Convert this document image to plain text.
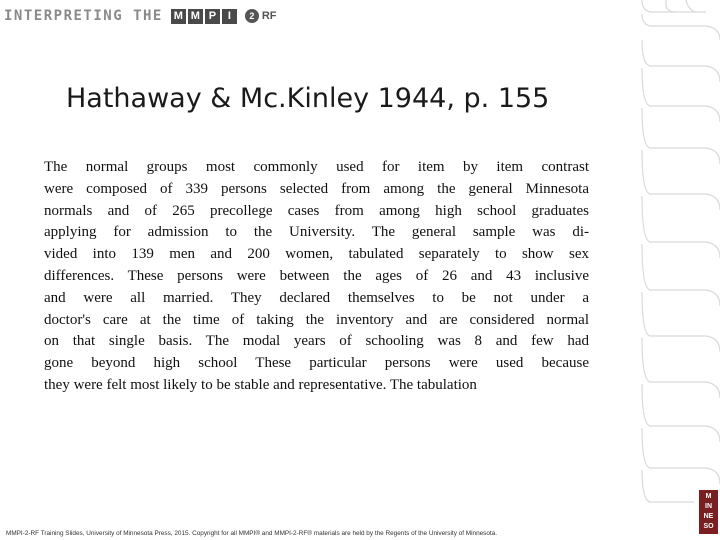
INTERPRETING THE M M P	I	2 RF
Hathaway & Mc.Kinley 1944, p. 155
The normal groups most commonly used for item by item contrast
were composed of 339 persons selected from among the general Minnesota
normals and of 265 precollege cases from among high school graduates
applying for admission to the University. The general sample was di-
vided into 139 men and 200 women, tabulated separately to show sex
differences. These persons were between the ages of 26 and 43 inclusive
and were all married. They declared themselves to be not under a
doctor's care at the time of taking the inventory and are considered normal
on that single basis. The modal years of schooling was 8 and few had
gone beyond high school These particular persons were used because
they were felt most likely to be stable and representative. The tabulation
M
IN
NE
SO
MMPI-2-RF Training Slides, University of Minnesota Press, 2015. Copyright for all MMPI® and MMPI-2-RF® materials are held by the Regents of the University of Minnesota.
